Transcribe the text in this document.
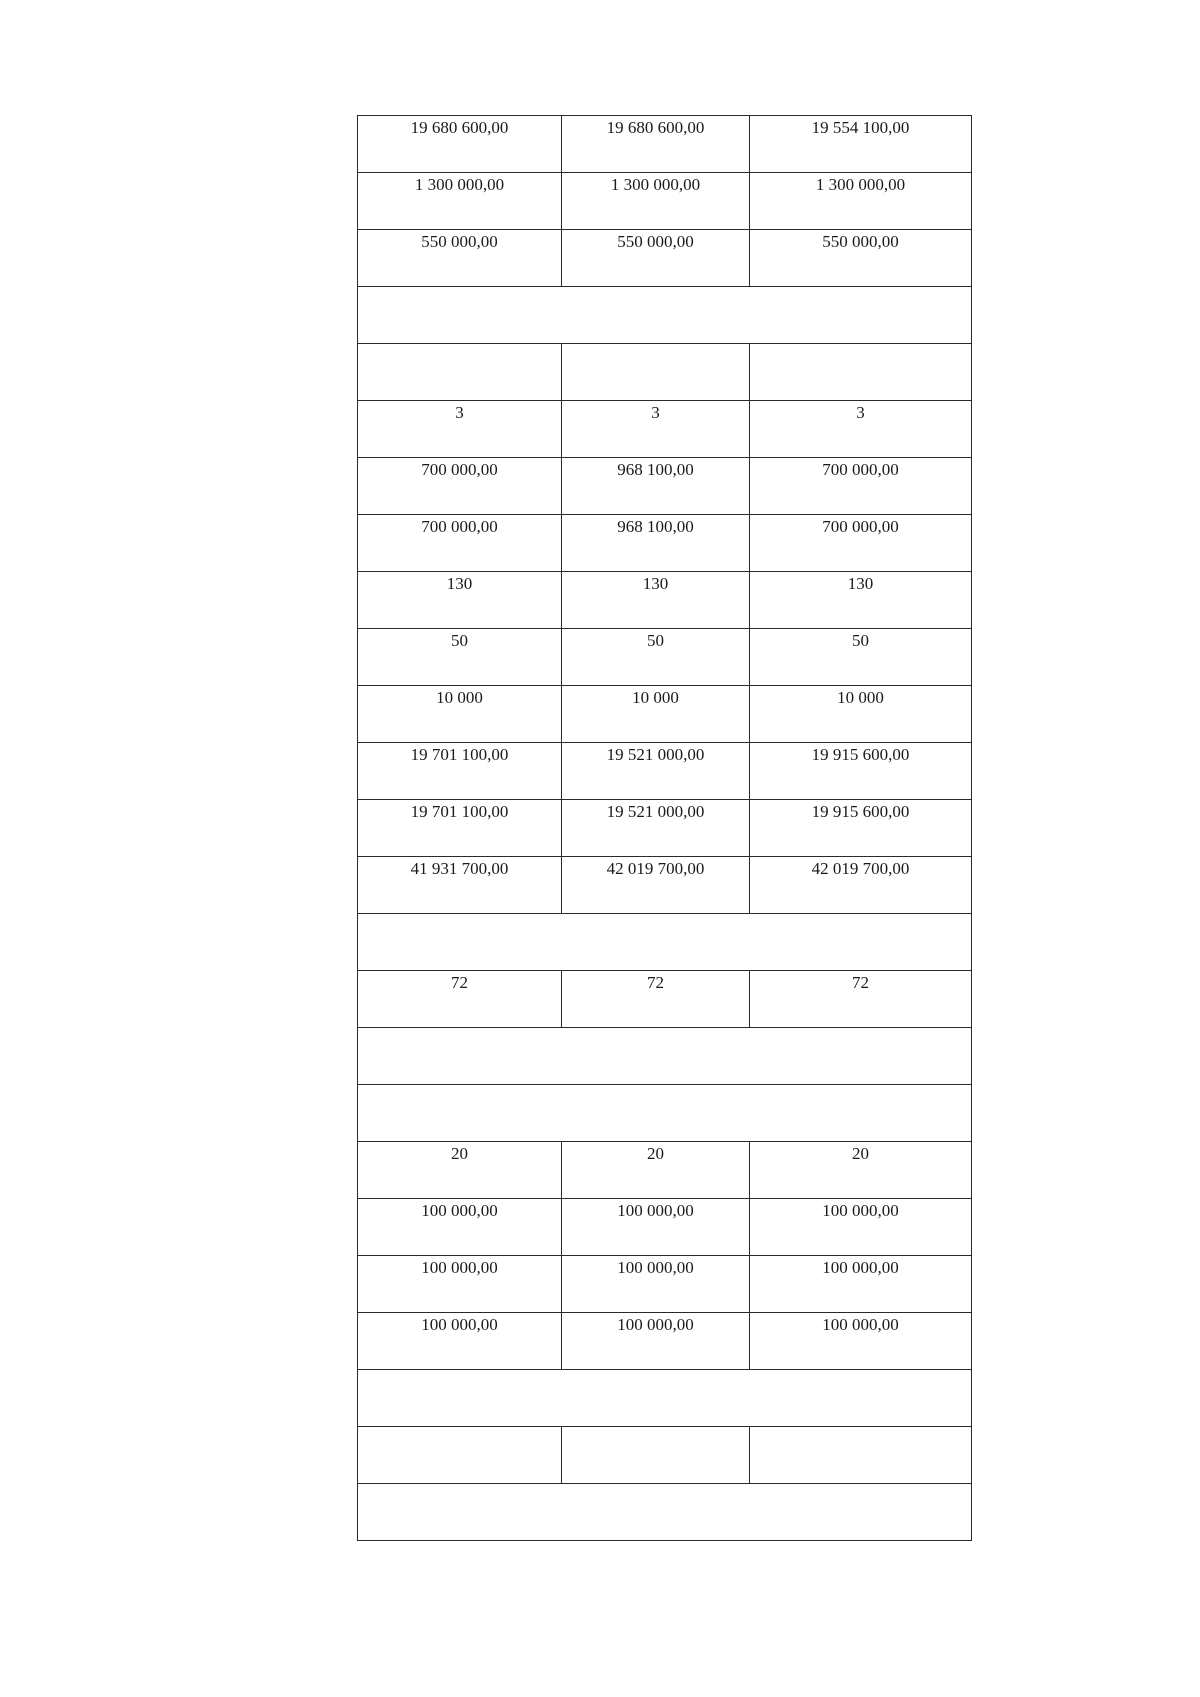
19 680 600,00	19 680 600,00	19 554 100,00

1 300 000,00	1 300 000,00	1 300 000,00

550 000,00	550 000,00	550 000,00

3	3	3

700 000,00	968 100,00	700 000,00

700 000,00	968 100,00	700 000,00

130	130	130

50	50	50

10 000	10 000	10 000

19 701 100,00	19 521 000,00	19 915 600,00

19 701 100,00	19 521 000,00	19 915 600,00

41 931 700,00	42 019 700,00	42 019 700,00

72	72	72

20	20	20

100 000,00	100 000,00	100 000,00

100 000,00	100 000,00	100 000,00

100 000,00	100 000,00	100 000,00
